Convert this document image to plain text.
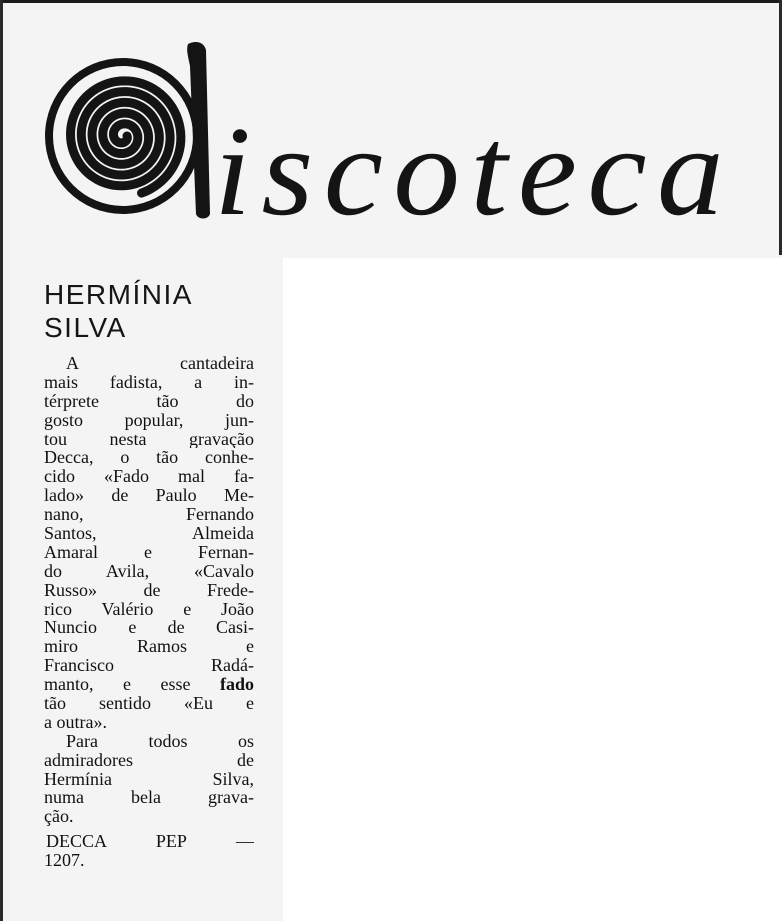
iscoteca
HERMÍNIA
SILVA
A cantadeira
mais fadista, a in-
térprete tão do
gosto popular, jun-
tou nesta gravação
Decca, o tão conhe-
cido «Fado mal fa-
lado» de Paulo Me-
nano, Fernando
Santos, Almeida
Amaral e Fernan-
do Avila, «Cavalo
Russo» de Frede-
rico Valério e João
Nuncio e de Casi-
miro Ramos e
Francisco Radá-
manto, e esse fado
tão sentido «Eu e
a outra».
Para todos os
admiradores de
Hermínia Silva,
numa bela grava-
ção.
DECCA PEP —
1207.
